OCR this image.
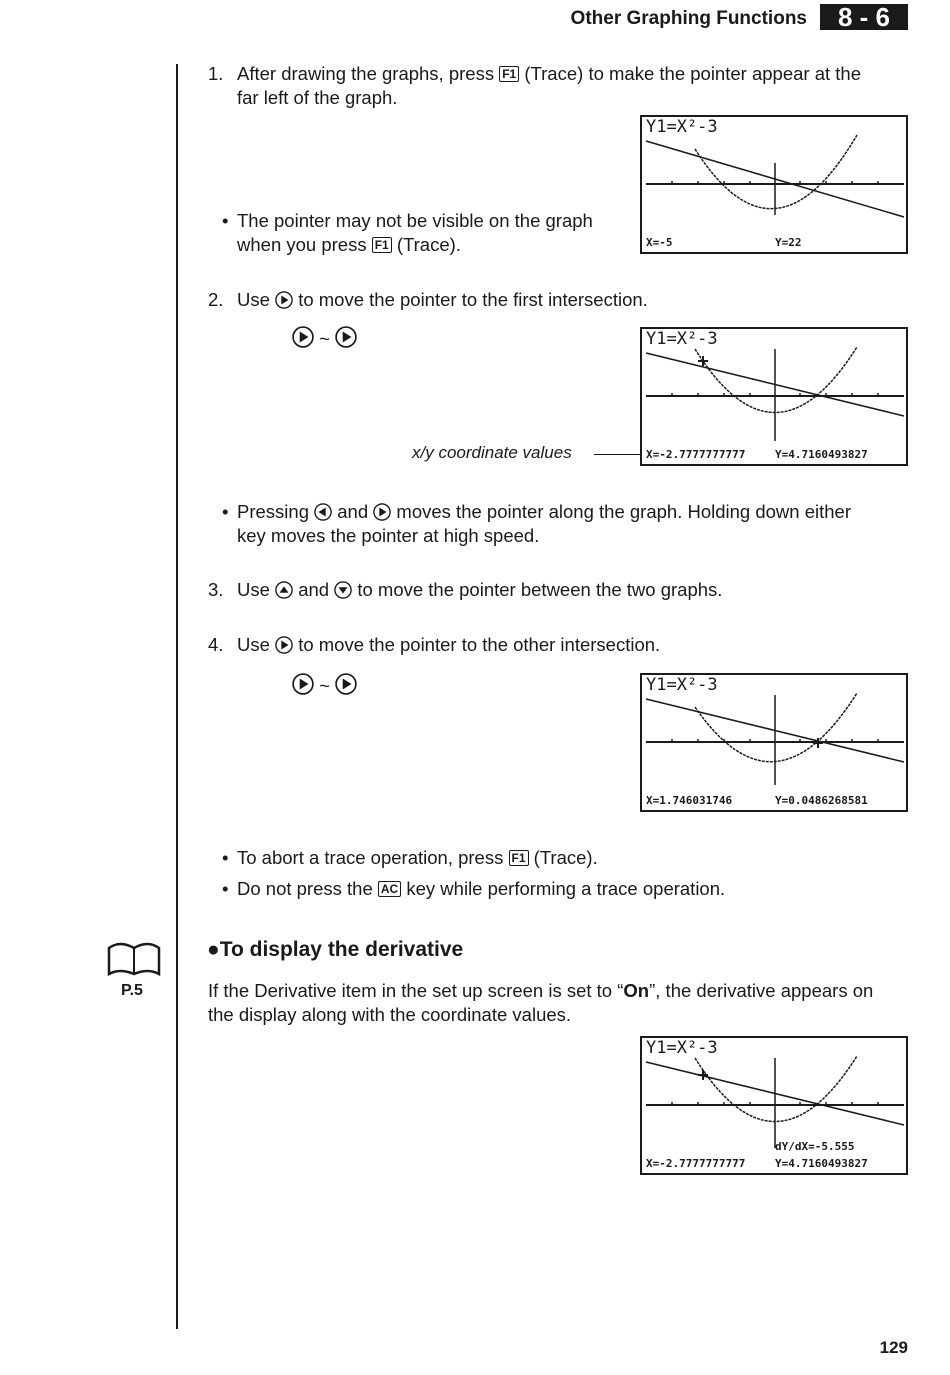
Other Graphing Functions	8 - 6
1. After drawing the graphs, press F1 (Trace) to make the pointer appear at the
far left of the graph.
• The pointer may not be visible on the graph
when you press F1 (Trace).
Y1=X²-3
X=-5	Y=22
2. Use to move the pointer to the first intersection.
~
x/y coordinate values
Y1=X²-3
X=-2.7777777777	Y=4.7160493827
• Pressing and moves the pointer along the graph. Holding down either
key moves the pointer at high speed.
3. Use and to move the pointer between the two graphs.
4. Use to move the pointer to the other intersection.
~	Y1=X²-3
X=1.746031746	Y=0.0486268581
• To abort a trace operation, press F1 (Trace).
• Do not press the AC key while performing a trace operation.
P.5
●To display the derivative
If the Derivative item in the set up screen is set to “On”, the derivative appears on
the display along with the coordinate values.
Y1=X²-3
dY/dX=-5.555
X=-2.7777777777	Y=4.7160493827
129
